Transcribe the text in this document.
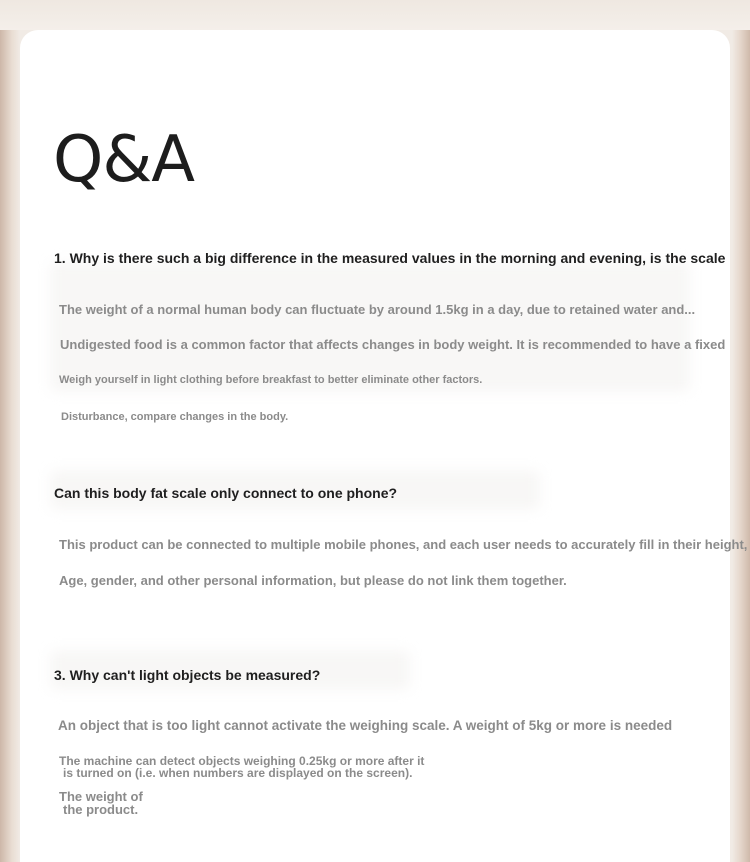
Q&A

1. Why is there such a big difference in the measured values in the morning and evening, is the scale

The weight of a normal human body can fluctuate by around 1.5kg in a day, due to retained water and...

Undigested food is a common factor that affects changes in body weight. It is recommended to have a fixed

Weigh yourself in light clothing before breakfast to better eliminate other factors.

Disturbance, compare changes in the body.

Can this body fat scale only connect to one phone?

This product can be connected to multiple mobile phones, and each user needs to accurately fill in their height,

Age, gender, and other personal information, but please do not link them together.

3. Why can't light objects be measured?

An object that is too light cannot activate the weighing scale. A weight of 5kg or more is needed

The machine can detect objects weighing 0.25kg or more after it

is turned on (i.e. when numbers are displayed on the screen).

The weight of

the product.
